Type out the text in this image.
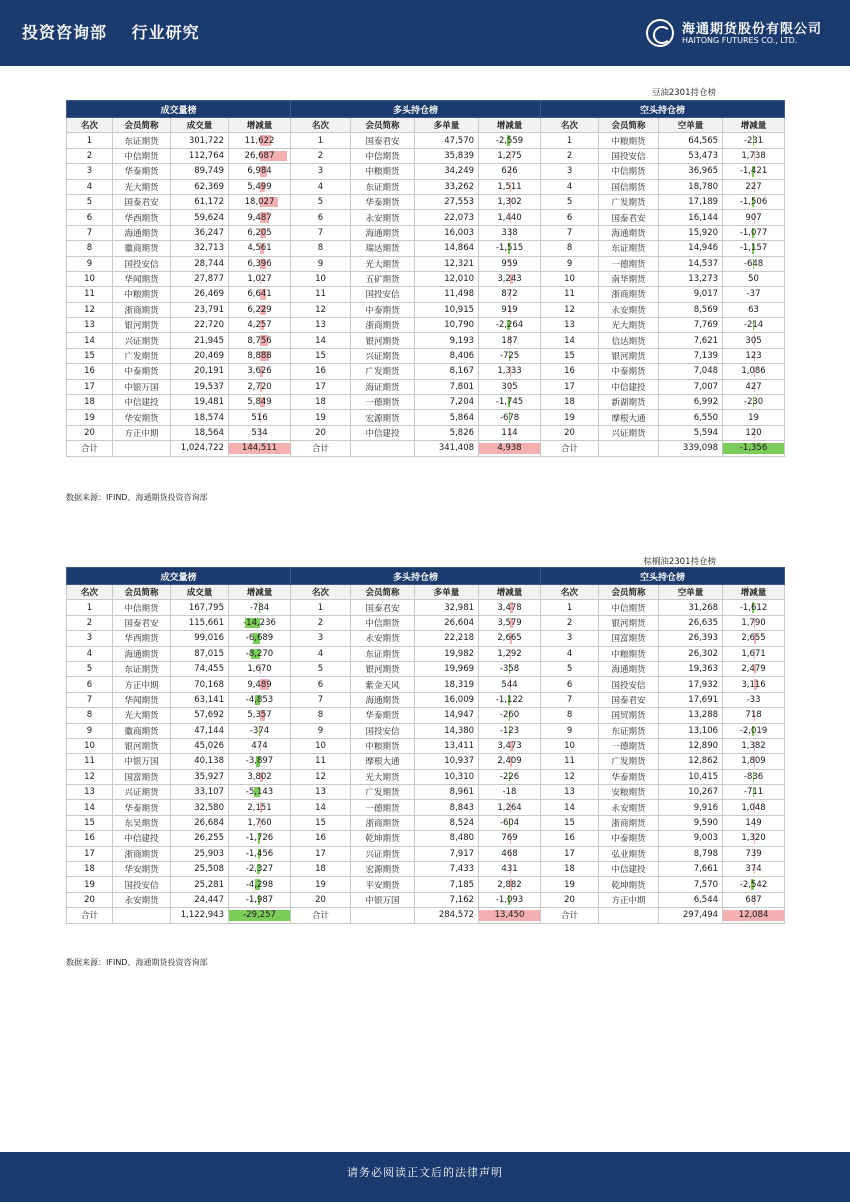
投资咨询部 行业研究	海通期货股份有限公司
HAITONG FUTURES CO., LTD.
豆油2301持仓榜
成交量榜				多头持仓榜				空头持仓榜			
名次	会员简称	成交量	增减量	名次	会员简称	多单量	增减量	名次	会员简称	空单量	增减量
1	东证期货	301,722	11,622	1	国泰君安	47,570	-2,559	1	中粮期货	64,565	-231
2	中信期货	112,764	26,687	2	中信期货	35,839	1,275	2	国投安信	53,473	1,738
3	华泰期货	89,749	6,984	3	中粮期货	34,249	626	3	中信期货	36,965	-1,421
4	光大期货	62,369	5,499	4	东证期货	33,262	1,511	4	国信期货	18,780	227
5	国泰君安	61,172	18,027	5	华泰期货	27,553	1,302	5	广发期货	17,189	-1,506
6	华西期货	59,624	9,487	6	永安期货	22,073	1,440	6	国泰君安	16,144	907
7	海通期货	36,247	6,205	7	海通期货	16,003	338	7	海通期货	15,920	-1,077
8	徽商期货	32,713	4,561	8	瑞达期货	14,864	-1,515	8	东证期货	14,946	-1,157
9	国投安信	28,744	6,396	9	光大期货	12,321	959	9	一德期货	14,537	-648
10	华闻期货	27,877	1,027	10	五矿期货	12,010	3,243	10	南华期货	13,273	50
11	中粮期货	26,469	6,641	11	国投安信	11,498	872	11	浙商期货	9,017	-37
12	浙商期货	23,791	6,229	12	中泰期货	10,915	919	12	永安期货	8,569	63
13	银河期货	22,720	4,257	13	浙商期货	10,790	-2,264	13	光大期货	7,769	-214
14	兴证期货	21,945	8,756	14	银河期货	9,193	187	14	信达期货	7,621	305
15	广发期货	20,469	8,888	15	兴证期货	8,406	-725	15	银河期货	7,139	123
16	中泰期货	20,191	3,626	16	广发期货	8,167	1,333	16	中泰期货	7,048	1,086
17	中银万国	19,537	2,720	17	海证期货	7,801	305	17	中信建投	7,007	427
18	中信建投	19,481	5,849	18	一德期货	7,204	-1,745	18	新湖期货	6,992	-230
19	华安期货	18,574	516	19	宏源期货	5,864	-678	19	摩根大通	6,550	19
20	方正中期	18,564	534	20	中信建投	5,826	114	20	兴证期货	5,594	120
合计		1,024,722	144,511	合计		341,408	4,938	合计		339,098	-1,356
数据来源：IFIND、海通期货投资咨询部
棕榈油2301持仓榜
成交量榜				多头持仓榜				空头持仓榜			
名次	会员简称	成交量	增减量	名次	会员简称	多单量	增减量	名次	会员简称	空单量	增减量
1	中信期货	167,795	-784	1	国泰君安	32,981	3,478	1	中信期货	31,268	-1,612
2	国泰君安	115,661	-14,236	2	中信期货	26,604	3,579	2	银河期货	26,635	1,790
3	华西期货	99,016	-6,689	3	永安期货	22,218	2,665	3	国富期货	26,393	2,655
4	海通期货	87,015	-8,270	4	东证期货	19,982	1,292	4	中粮期货	26,302	1,671
5	东证期货	74,455	1,670	5	银河期货	19,969	-358	5	海通期货	19,363	2,479
6	方正中期	70,168	9,489	6	紫金天风	18,319	544	6	国投安信	17,932	3,116
7	华闻期货	63,141	-4,853	7	海通期货	16,009	-1,122	7	国泰君安	17,691	-33
8	光大期货	57,692	5,357	8	华泰期货	14,947	-260	8	国贸期货	13,288	718
9	徽商期货	47,144	-374	9	国投安信	14,380	-123	9	东证期货	13,106	-2,019
10	银河期货	45,026	474	10	中粮期货	13,411	3,473	10	一德期货	12,890	1,382
11	中银万国	40,138	-3,897	11	摩根大通	10,937	2,409	11	广发期货	12,862	1,809
12	国富期货	35,927	3,802	12	光大期货	10,310	-226	12	华泰期货	10,415	-836
13	兴证期货	33,107	-5,143	13	广发期货	8,961	-18	13	安粮期货	10,267	-711
14	华泰期货	32,580	2,151	14	一德期货	8,843	1,264	14	永安期货	9,916	1,048
15	东吴期货	26,684	1,760	15	浙商期货	8,524	-604	15	浙商期货	9,590	149
16	中信建投	26,255	-1,726	16	乾坤期货	8,480	769	16	中泰期货	9,003	1,320
17	浙商期货	25,903	-1,456	17	兴证期货	7,917	468	17	弘业期货	8,798	739
18	华安期货	25,508	-2,327	18	宏源期货	7,433	431	18	中信建投	7,661	374
19	国投安信	25,281	-4,298	19	平安期货	7,185	2,882	19	乾坤期货	7,570	-2,542
20	永安期货	24,447	-1,987	20	中银万国	7,162	-1,093	20	方正中期	6,544	687
合计		1,122,943	-29,257	合计		284,572	13,450	合计		297,494	12,084
数据来源：IFIND、海通期货投资咨询部
请务必阅读正文后的法律声明
